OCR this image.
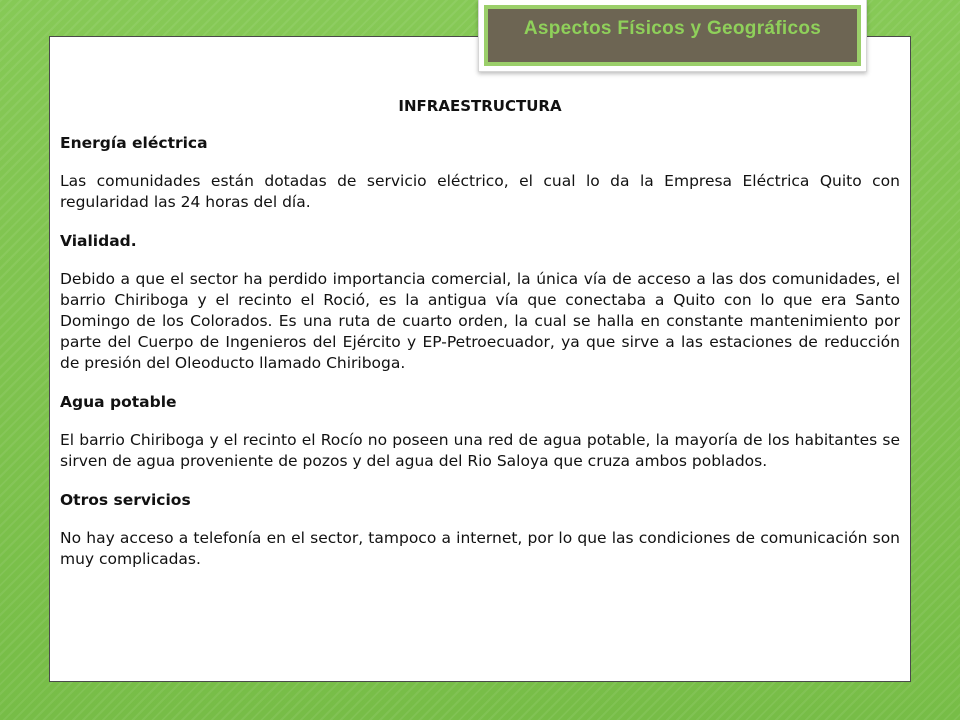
INFRAESTRUCTURA
Energía eléctrica
Las comunidades están dotadas de servicio eléctrico, el cual lo da la Empresa Eléctrica Quito con regularidad las 24 horas del día.
Vialidad.
Debido a que el sector ha perdido importancia comercial, la única vía de acceso a las dos comunidades, el barrio Chiriboga y el recinto el Roció, es la antigua vía que conectaba a Quito con lo que era Santo Domingo de los Colorados. Es una ruta de cuarto orden, la cual se halla en constante mantenimiento por parte del Cuerpo de Ingenieros del Ejército y EP-Petroecuador, ya que sirve a las estaciones de reducción de presión del Oleoducto llamado Chiriboga.
Agua potable
El barrio Chiriboga y el recinto el Rocío no poseen una red de agua potable, la mayoría de los habitantes se sirven de agua proveniente de pozos y del agua del Rio Saloya que cruza ambos poblados.
Otros servicios
No hay acceso a telefonía en el sector, tampoco a internet, por lo que las condiciones de comunicación son muy complicadas.
Aspectos Físicos y Geográficos
